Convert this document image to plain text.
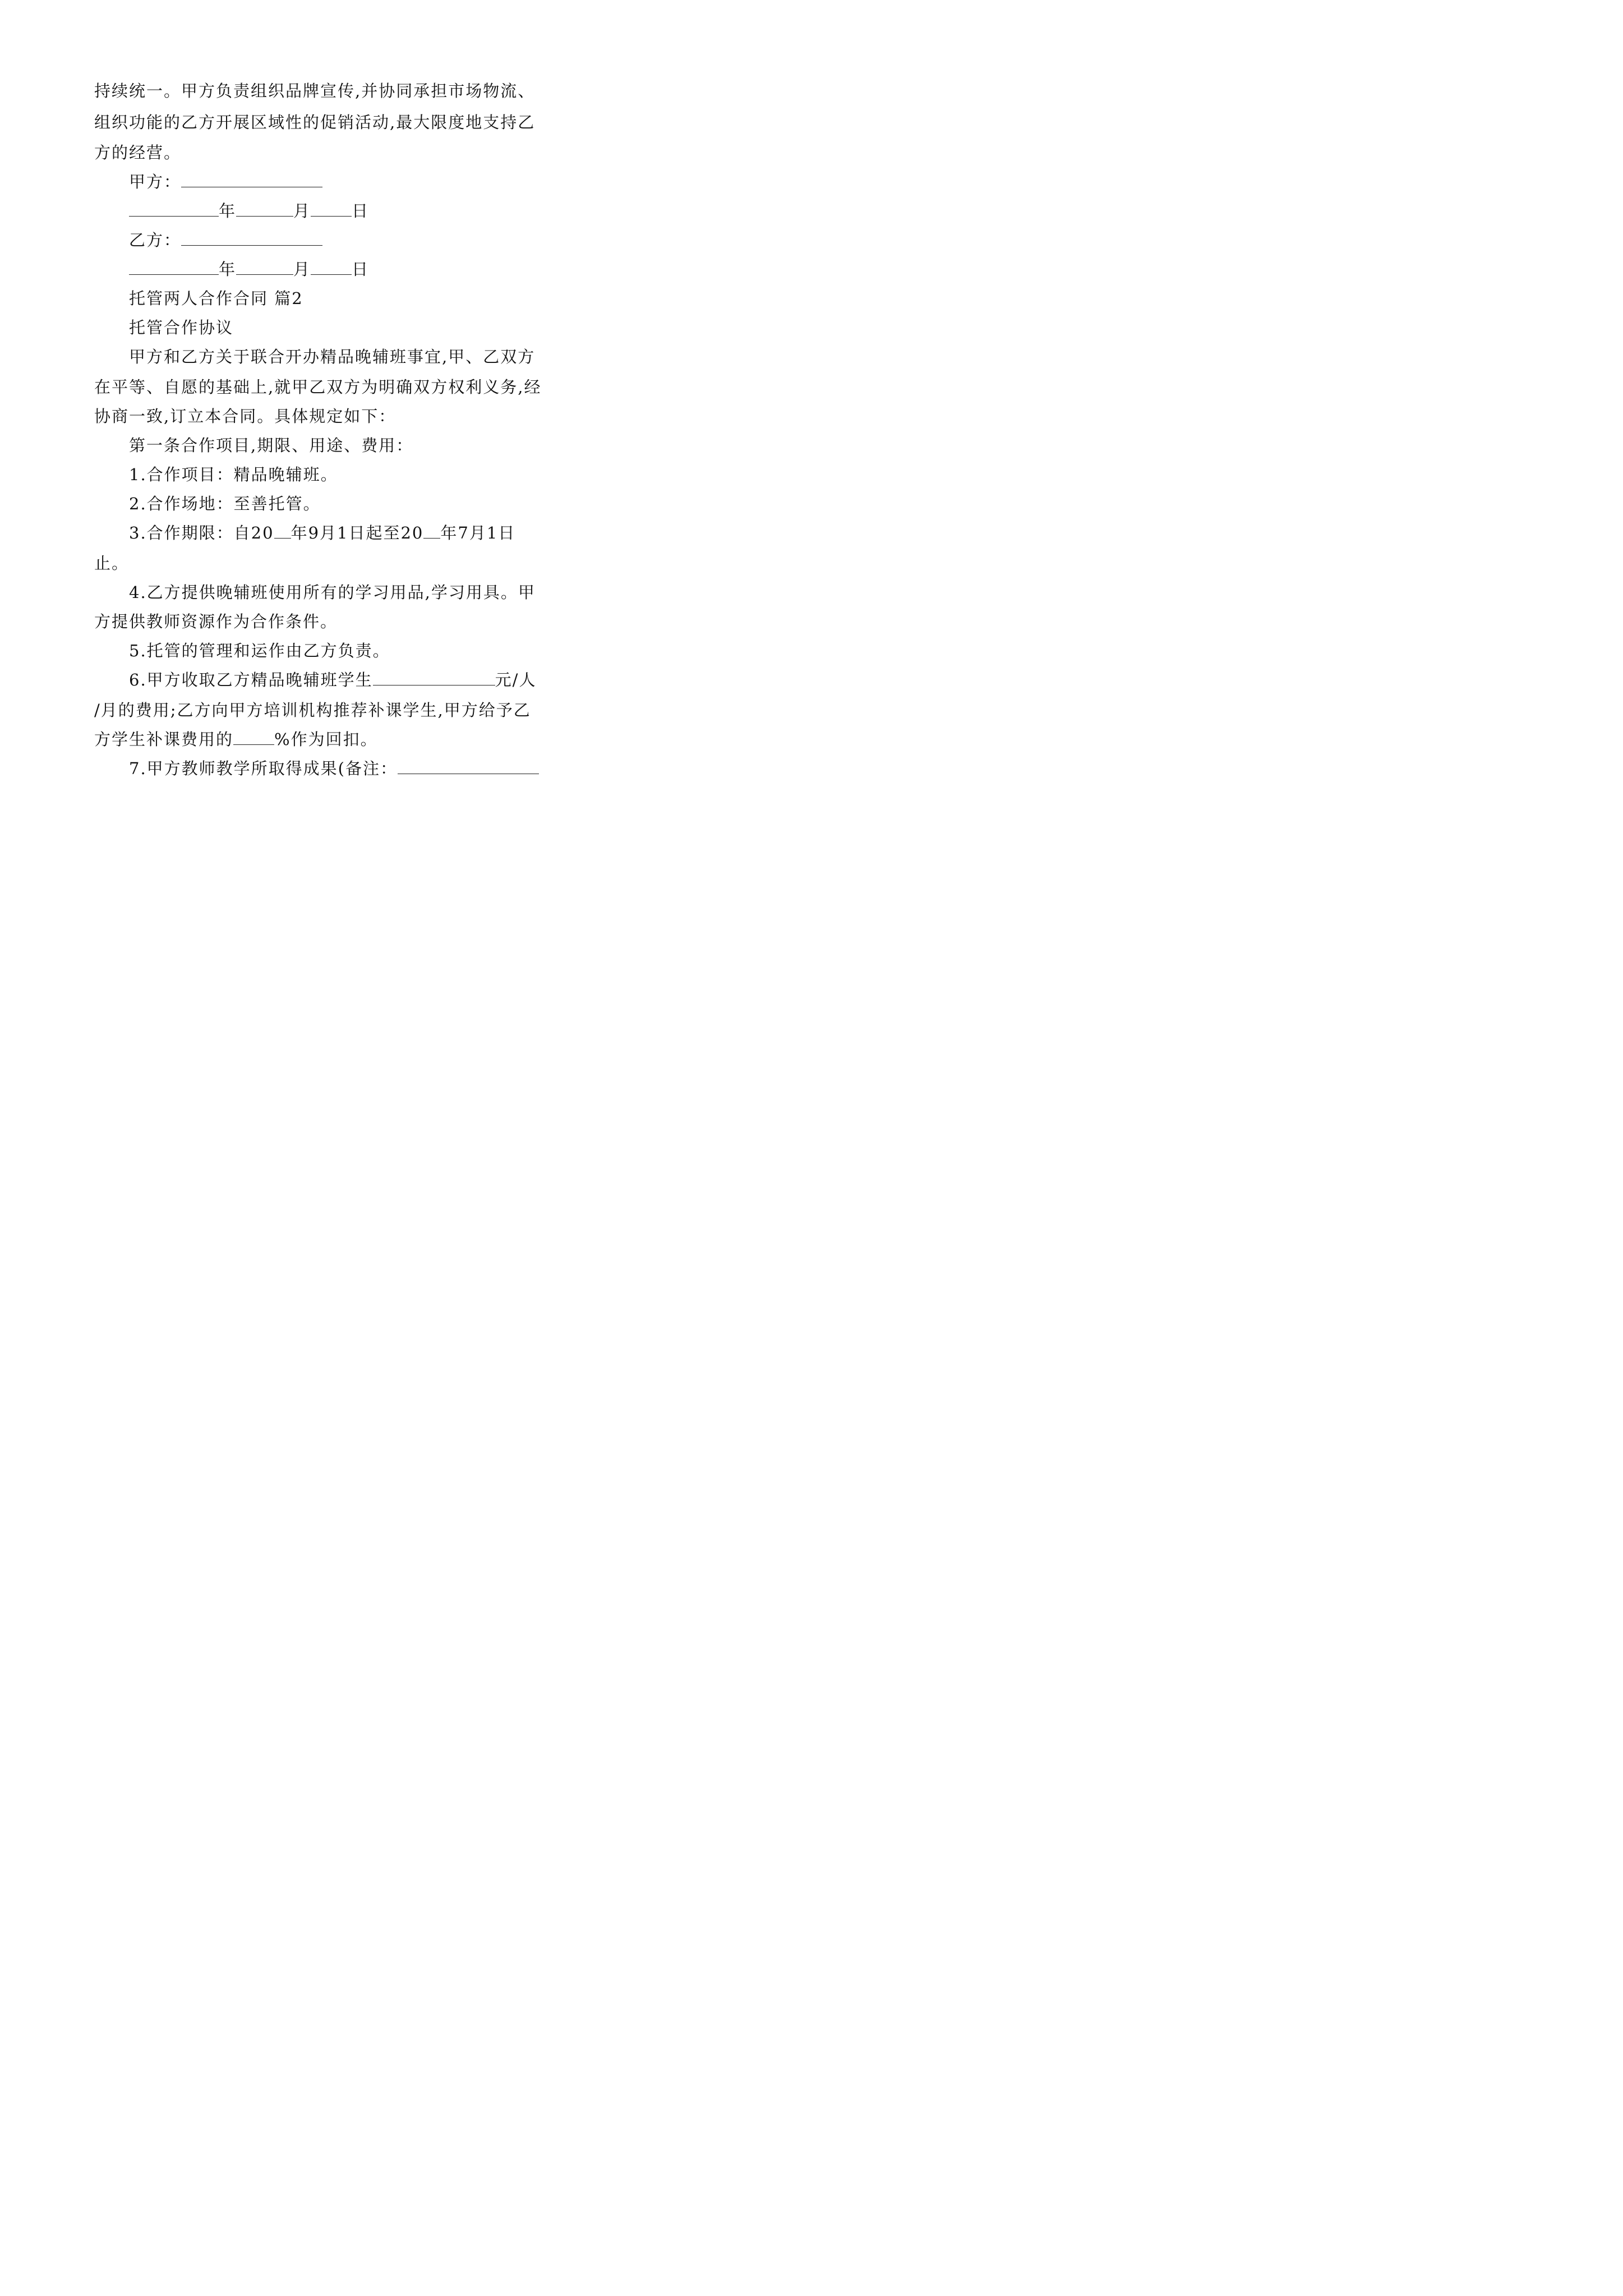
持续统一。甲方负责组织品牌宣传,并协同承担市场物流、
组织功能的乙方开展区域性的促销活动,最大限度地支持乙
方的经营。
甲方：
年	月	日
乙方：
年	月	日
托管两人合作合同 篇2
托管合作协议
甲方和乙方关于联合开办精品晚辅班事宜,甲、乙双方
在平等、自愿的基础上,就甲乙双方为明确双方权利义务,经
协商一致,订立本合同。具体规定如下：
第一条合作项目,期限、用途、费用：
1.合作项目：精品晚辅班。
2.合作场地：至善托管。
3.合作期限：自20 年9月1日起至20 年7月1日
止。
4.乙方提供晚辅班使用所有的学习用品,学习用具。甲
方提供教师资源作为合作条件。
5.托管的管理和运作由乙方负责。
6.甲方收取乙方精品晚辅班学生	元/人
/月的费用;乙方向甲方培训机构推荐补课学生,甲方给予乙
方学生补课费用的	%作为回扣。
7.甲方教师教学所取得成果(备注：
